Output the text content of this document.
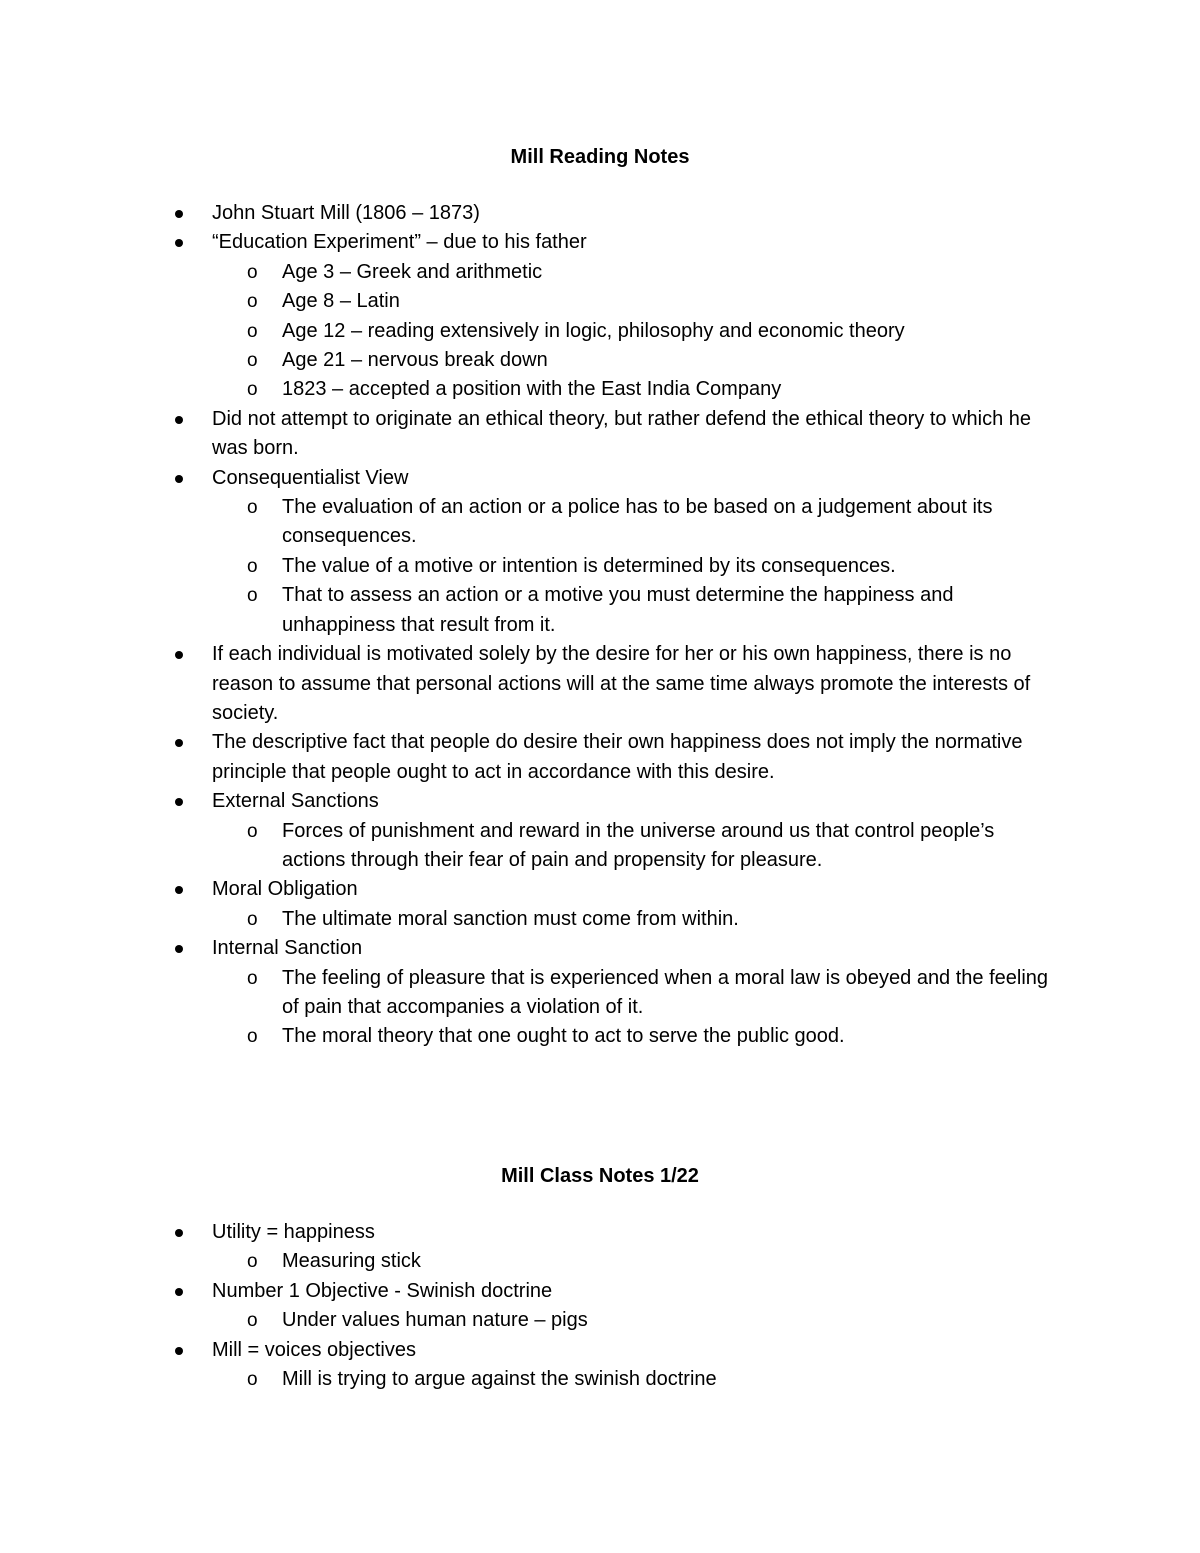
Mill Reading Notes
John Stuart Mill (1806 – 1873)
“Education Experiment” – due to his father
o Age 3 – Greek and arithmetic
o Age 8 – Latin
o Age 12 – reading extensively in logic, philosophy and economic theory
o Age 21 – nervous break down
o 1823 – accepted a position with the East India Company
Did not attempt to originate an ethical theory, but rather defend the ethical theory to which he was born.
Consequentialist View
o The evaluation of an action or a police has to be based on a judgement about its consequences.
o The value of a motive or intention is determined by its consequences.
o That to assess an action or a motive you must determine the happiness and unhappiness that result from it.
If each individual is motivated solely by the desire for her or his own happiness, there is no reason to assume that personal actions will at the same time always promote the interests of society.
The descriptive fact that people do desire their own happiness does not imply the normative principle that people ought to act in accordance with this desire.
External Sanctions
o Forces of punishment and reward in the universe around us that control people’s actions through their fear of pain and propensity for pleasure.
Moral Obligation
o The ultimate moral sanction must come from within.
Internal Sanction
o The feeling of pleasure that is experienced when a moral law is obeyed and the feeling of pain that accompanies a violation of it.
o The moral theory that one ought to act to serve the public good.
Mill Class Notes 1/22
Utility = happiness
o Measuring stick
Number 1 Objective - Swinish doctrine
o Under values human nature – pigs
Mill = voices objectives
o Mill is trying to argue against the swinish doctrine
